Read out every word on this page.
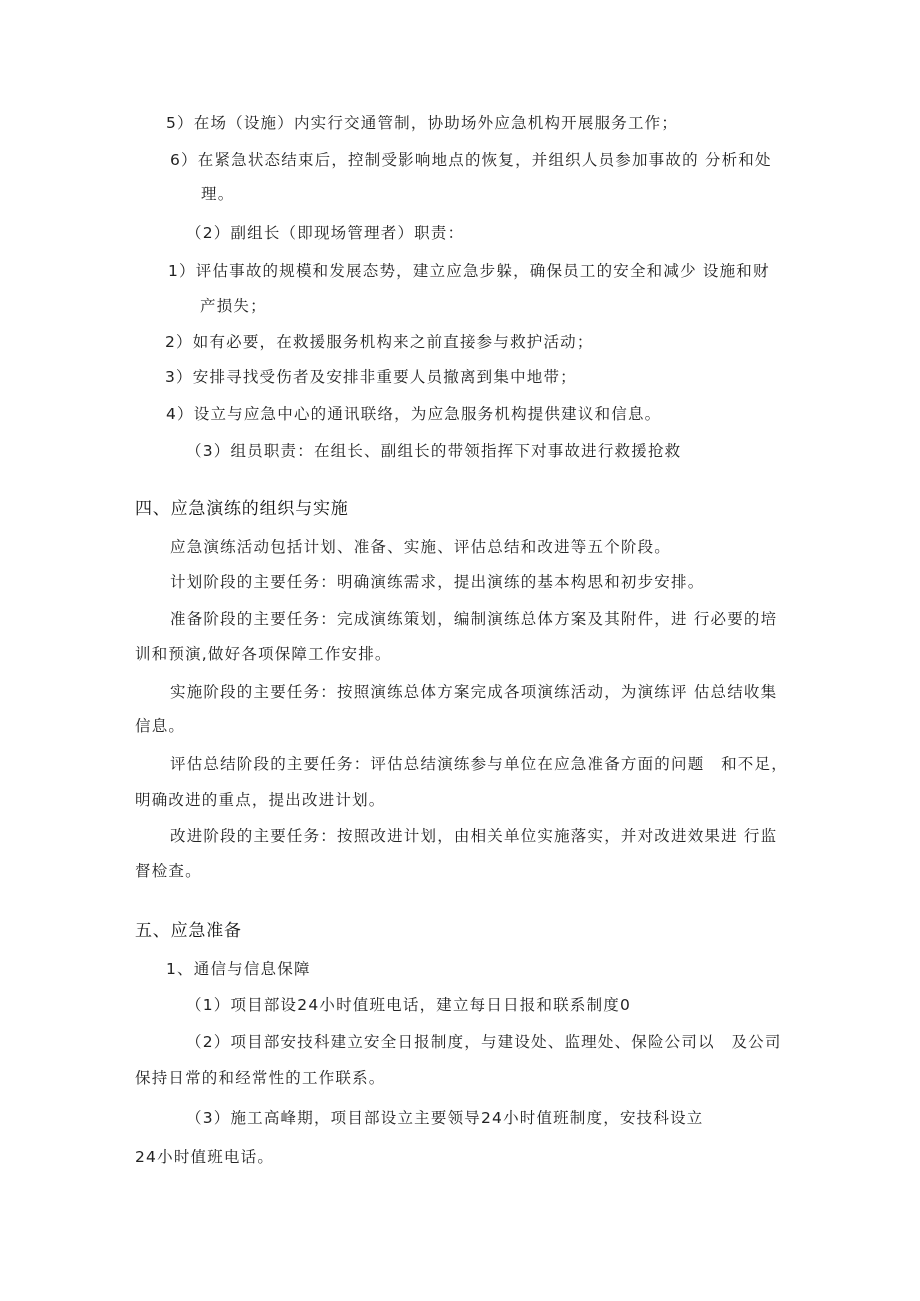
5）在场（设施）内实行交通管制，协助场外应急机构开展服务工作；
6）在紧急状态结束后，控制受影响地点的恢复，并组织人员参加事故的 分析和处
理。
（2）副组长（即现场管理者）职责：
1）评估事故的规模和发展态势，建立应急步躲，确保员工的安全和减少 设施和财
产损失；
2）如有必要，在救援服务机构来之前直接参与救护活动；
3）安排寻找受伤者及安排非重要人员撤离到集中地带；
4）设立与应急中心的通讯联络，为应急服务机构提供建议和信息。
（3）组员职责：在组长、副组长的带领指挥下对事故进行救援抢救
四、应急演练的组织与实施
应急演练活动包括计划、准备、实施、评估总结和改进等五个阶段。
计划阶段的主要任务：明确演练需求，提出演练的基本构思和初步安排。
准备阶段的主要任务：完成演练策划，编制演练总体方案及其附件，进 行必要的培
训和预演,做好各项保障工作安排。
实施阶段的主要任务：按照演练总体方案完成各项演练活动，为演练评 估总结收集
信息。
评估总结阶段的主要任务：评估总结演练参与单位在应急准备方面的问题　和不足，
明确改进的重点，提出改进计划。
改进阶段的主要任务：按照改进计划，由相关单位实施落实，并对改进效果进 行监
督检查。
五、应急准备
1、通信与信息保障
（1）项目部设24小时值班电话，建立每日日报和联系制度0
（2）项目部安技科建立安全日报制度，与建设处、监理处、保险公司以　及公司
保持日常的和经常性的工作联系。
（3）施工高峰期，项目部设立主要领导24小时值班制度，安技科设立
24小时值班电话。
